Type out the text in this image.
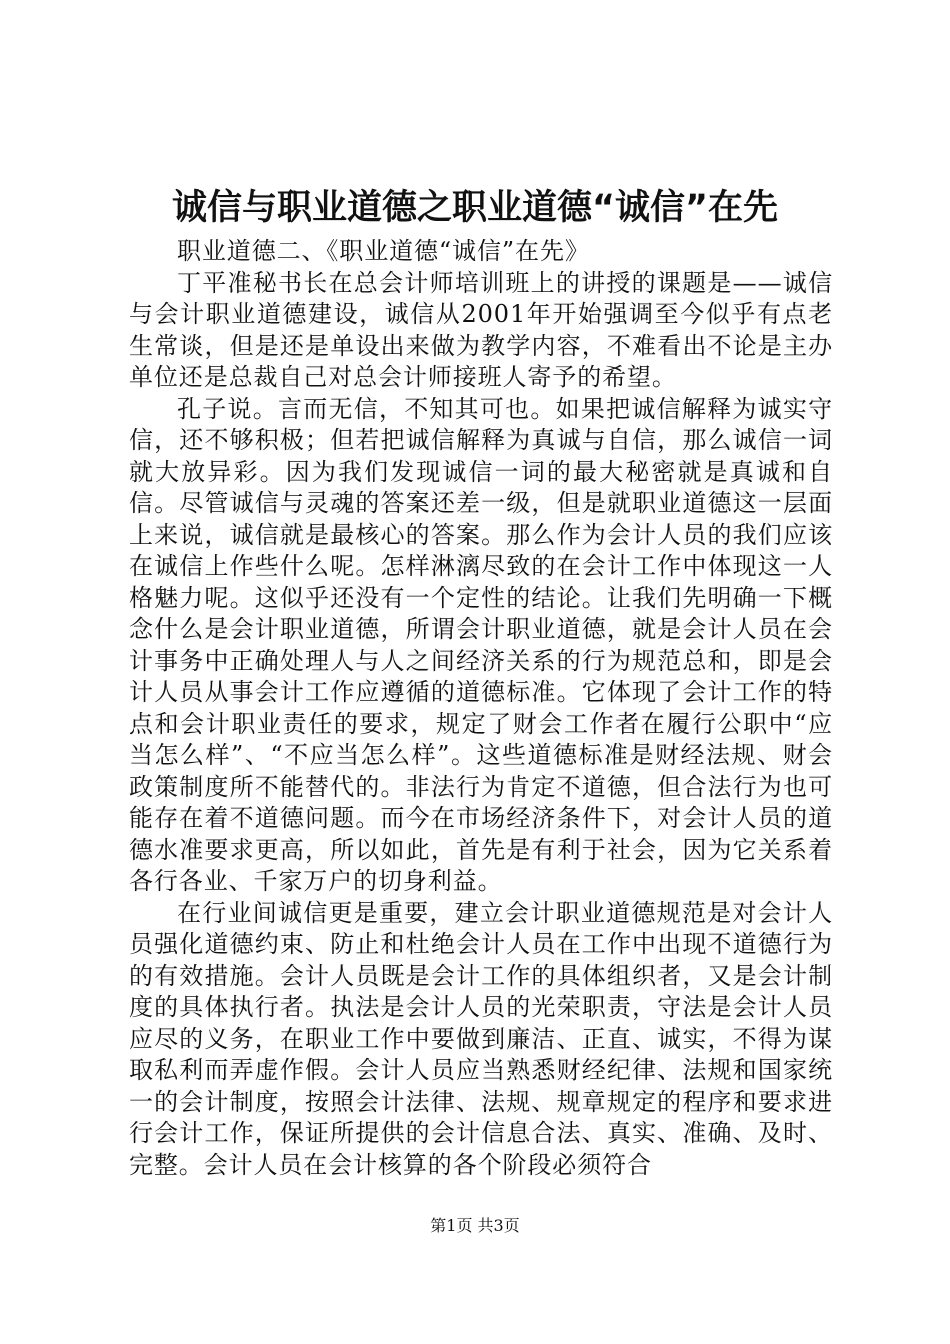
诚信与职业道德之职业道德“诚信”在先

职业道德二、《职业道德“诚信”在先》

丁平准秘书长在总会计师培训班上的讲授的课题是——诚信与会计职业道德建设，诚信从2001年开始强调至今似乎有点老生常谈，但是还是单设出来做为教学内容，不难看出不论是主办单位还是总裁自己对总会计师接班人寄予的希望。

孔子说。言而无信，不知其可也。如果把诚信解释为诚实守信，还不够积极；但若把诚信解释为真诚与自信，那么诚信一词就大放异彩。因为我们发现诚信一词的最大秘密就是真诚和自信。尽管诚信与灵魂的答案还差一级，但是就职业道德这一层面上来说，诚信就是最核心的答案。那么作为会计人员的我们应该在诚信上作些什么呢。怎样淋漓尽致的在会计工作中体现这一人格魅力呢。这似乎还没有一个定性的结论。让我们先明确一下概念什么是会计职业道德，所谓会计职业道德，就是会计人员在会计事务中正确处理人与人之间经济关系的行为规范总和，即是会计人员从事会计工作应遵循的道德标准。它体现了会计工作的特点和会计职业责任的要求，规定了财会工作者在履行公职中“应当怎么样”、“不应当怎么样”。这些道德标准是财经法规、财会政策制度所不能替代的。非法行为肯定不道德，但合法行为也可能存在着不道德问题。而今在市场经济条件下，对会计人员的道德水准要求更高，所以如此，首先是有利于社会，因为它关系着各行各业、千家万户的切身利益。

在行业间诚信更是重要，建立会计职业道德规范是对会计人员强化道德约束、防止和杜绝会计人员在工作中出现不道德行为的有效措施。会计人员既是会计工作的具体组织者，又是会计制度的具体执行者。执法是会计人员的光荣职责，守法是会计人员应尽的义务，在职业工作中要做到廉洁、正直、诚实，不得为谋取私利而弄虚作假。会计人员应当熟悉财经纪律、法规和国家统一的会计制度，按照会计法律、法规、规章规定的程序和要求进行会计工作，保证所提供的会计信息合法、真实、准确、及时、完整。会计人员在会计核算的各个阶段必须符合

第1页 共3页
